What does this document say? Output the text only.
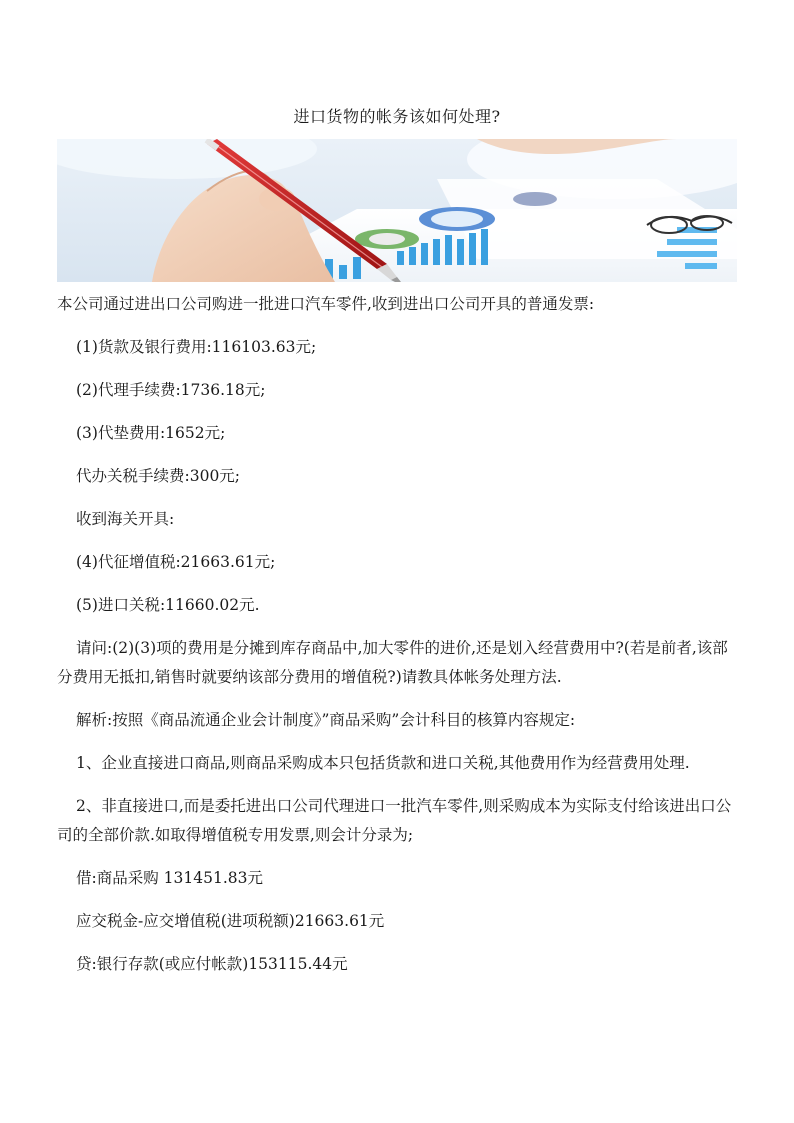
进口货物的帐务该如何处理?

本公司通过进出口公司购进一批进口汽车零件,收到进出口公司开具的普通发票:

(1)货款及银行费用:116103.63元;

(2)代理手续费:1736.18元;

(3)代垫费用:1652元;

代办关税手续费:300元;

收到海关开具:

(4)代征增值税:21663.61元;

(5)进口关税:11660.02元.

请问:(2)(3)项的费用是分摊到库存商品中,加大零件的进价,还是划入经营费用中?(若是前者,该部分费用无抵扣,销售时就要纳该部分费用的增值税?)请教具体帐务处理方法.

解析:按照《商品流通企业会计制度》”商品采购”会计科目的核算内容规定:

1、企业直接进口商品,则商品采购成本只包括货款和进口关税,其他费用作为经营费用处理.

2、非直接进口,而是委托进出口公司代理进口一批汽车零件,则采购成本为实际支付给该进出口公司的全部价款.如取得增值税专用发票,则会计分录为;

借:商品采购 131451.83元

应交税金-应交增值税(进项税额)21663.61元

贷:银行存款(或应付帐款)153115.44元
